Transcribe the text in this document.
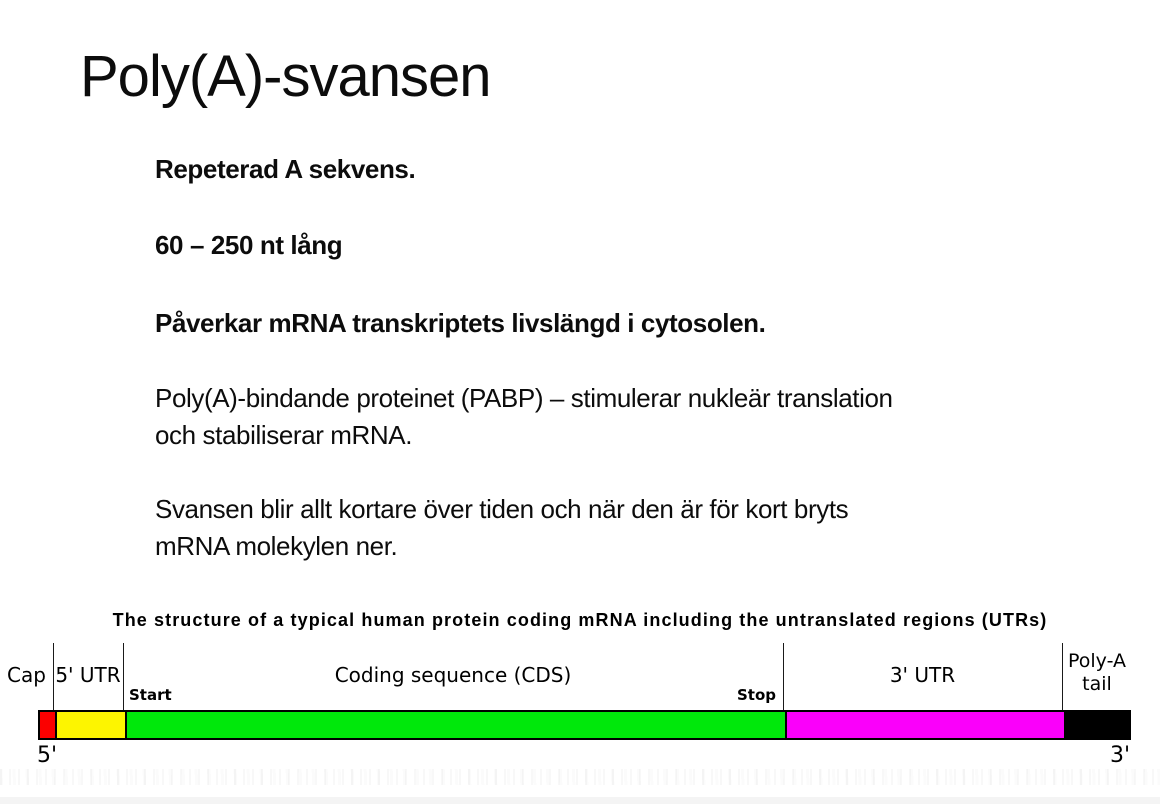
Poly(A)-svansen
Repeterad A sekvens.
60 – 250 nt lång
Påverkar mRNA transkriptets livslängd i cytosolen.
Poly(A)-bindande proteinet (PABP) – stimulerar nukleär translation
och stabiliserar mRNA.
Svansen blir allt kortare över tiden och när den är för kort bryts
mRNA molekylen ner.
The structure of a typical human protein coding mRNA including the untranslated regions (UTRs)
Cap 5' UTR
Start
Coding sequence (CDS)
Stop
3' UTR
Poly-A
tail
5'	3'
